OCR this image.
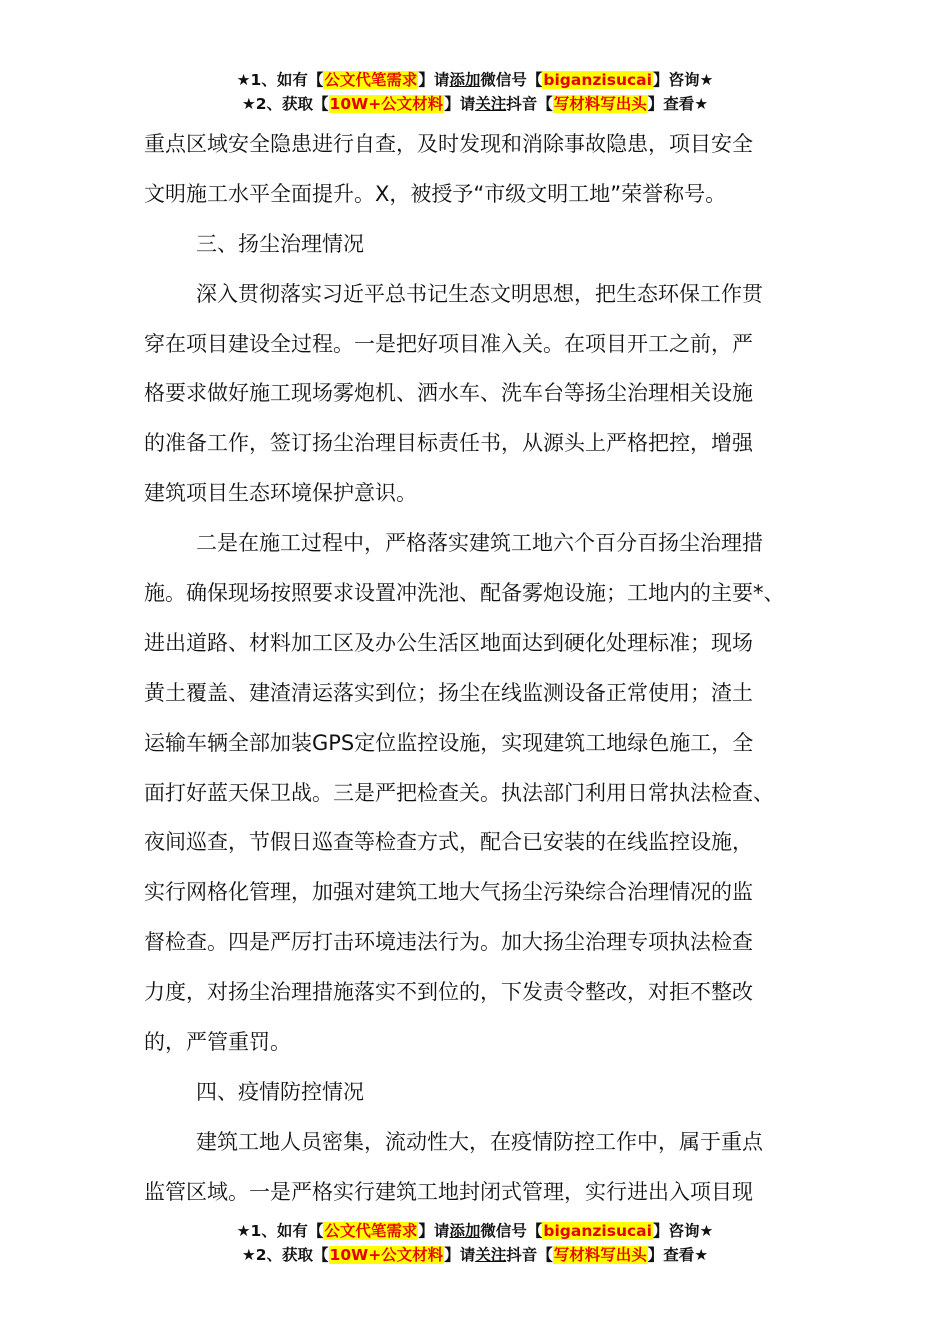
★1、如有【公文代笔需求】请添加微信号【biganzisucai】咨询★
★2、获取【10W+公文材料】请关注抖音【写材料写出头】查看★
重点区域安全隐患进行自查，及时发现和消除事故隐患，项目安全
文明施工水平全面提升。X，被授予“市级文明工地”荣誉称号。
三、扬尘治理情况
深入贯彻落实习近平总书记生态文明思想，把生态环保工作贯
穿在项目建设全过程。一是把好项目准入关。在项目开工之前，严
格要求做好施工现场雾炮机、洒水车、洗车台等扬尘治理相关设施
的准备工作，签订扬尘治理目标责任书，从源头上严格把控，增强
建筑项目生态环境保护意识。
二是在施工过程中，严格落实建筑工地六个百分百扬尘治理措
施。确保现场按照要求设置冲洗池、配备雾炮设施；工地内的主要*、
进出道路、材料加工区及办公生活区地面达到硬化处理标准；现场
黄土覆盖、建渣清运落实到位；扬尘在线监测设备正常使用；渣土
运输车辆全部加装GPS定位监控设施，实现建筑工地绿色施工，全
面打好蓝天保卫战。三是严把检查关。执法部门利用日常执法检查、
夜间巡查，节假日巡查等检查方式，配合已安装的在线监控设施，
实行网格化管理，加强对建筑工地大气扬尘污染综合治理情况的监
督检查。四是严厉打击环境违法行为。加大扬尘治理专项执法检查
力度，对扬尘治理措施落实不到位的，下发责令整改，对拒不整改
的，严管重罚。
四、疫情防控情况
建筑工地人员密集，流动性大，在疫情防控工作中，属于重点
监管区域。一是严格实行建筑工地封闭式管理，实行进出入项目现
★1、如有【公文代笔需求】请添加微信号【biganzisucai】咨询★
★2、获取【10W+公文材料】请关注抖音【写材料写出头】查看★
